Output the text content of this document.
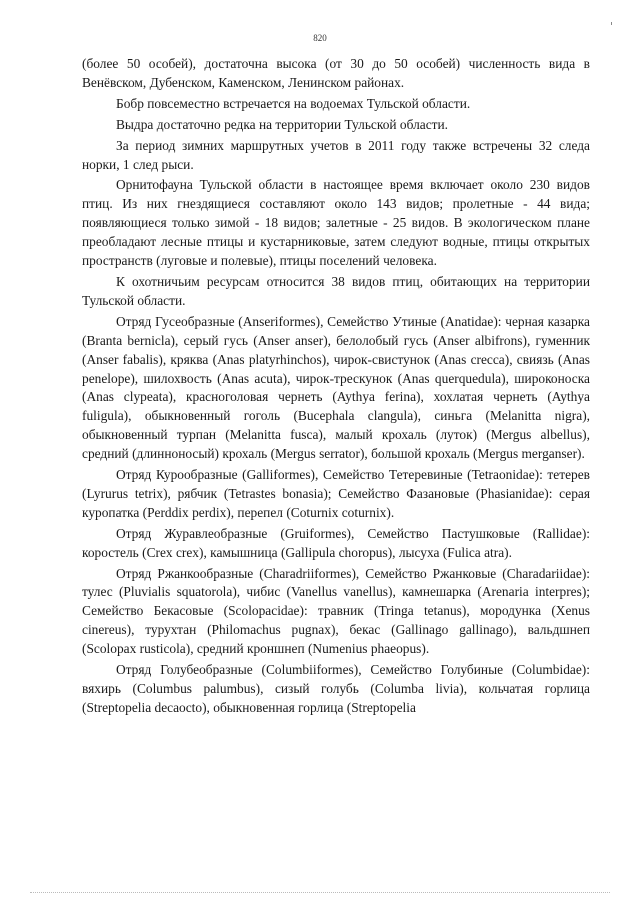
820

(более 50 особей), достаточна высока (от 30 до 50 особей) численность вида в Венёвском, Дубенском, Каменском, Ленинском районах.

Бобр повсеместно встречается на водоемах Тульской области.

Выдра достаточно редка на территории Тульской области.

За период зимних маршрутных учетов в 2011 году также встречены 32 следа норки, 1 след рыси.

Орнитофауна Тульской области в настоящее время включает около 230 видов птиц. Из них гнездящиеся составляют около 143 видов; пролетные - 44 вида; появляющиеся только зимой - 18 видов; залетные - 25 видов. В экологическом плане преобладают лесные птицы и кустарниковые, затем следуют водные, птицы открытых пространств (луговые и полевые), птицы поселений человека.

К охотничьим ресурсам относится 38 видов птиц, обитающих на территории Тульской области.

Отряд Гусеобразные (Anseriformes), Семейство Утиные (Anatidae): черная казарка (Branta bernicla), серый гусь (Anser anser), белолобый гусь (Anser albifrons), гуменник (Anser fabalis), кряква (Anas platyrhinchos), чирок-свистунок (Anas crecca), свиязь (Anas penelope), шилохвость (Anas acuta), чирок-трескунок (Anas querquedula), широконоска (Anas clypeata), красноголовая чернеть (Aythya ferina), хохлатая чернеть (Aythya fuligula), обыкновенный гоголь (Bucephala clangula), синьга (Melanitta nigra), обыкновенный турпан (Melanitta fusca), малый крохаль (луток) (Mergus albellus), средний (длинноносый) крохаль (Mergus serrator), большой крохаль (Mergus merganser).

Отряд Курообразные (Galliformes), Семейство Тетеревиные (Tetraonidae): тетерев (Lyrurus tetrix), рябчик (Tetrastes bonasia); Семейство Фазановые (Phasianidae): серая куропатка (Perddix perdix), перепел (Coturnix coturnix).

Отряд Журавлеобразные (Gruiformes), Семейство Пастушковые (Rallidae): коростель (Crex crex), камышница (Gallipula choropus), лысуха (Fulica atra).

Отряд Ржанкообразные (Charadriiformes), Семейство Ржанковые (Charadariidae): тулес (Pluvialis squatorola), чибис (Vanellus vanellus), камнешарка (Arenaria interpres); Семейство Бекасовые (Scolopacidae): травник (Tringa tetanus), мородунка (Xenus cinereus), турухтан (Philomachus pugnax), бекас (Gallinago gallinago), вальдшнеп (Scolopax rusticola), средний кроншнеп (Numenius phaeopus).

Отряд Голубеобразные (Columbiiformes), Семейство Голубиные (Columbidae): вяхирь (Columbus palumbus), сизый голубь (Columba livia), кольчатая горлица (Streptopelia decaocto), обыкновенная горлица (Streptopelia
